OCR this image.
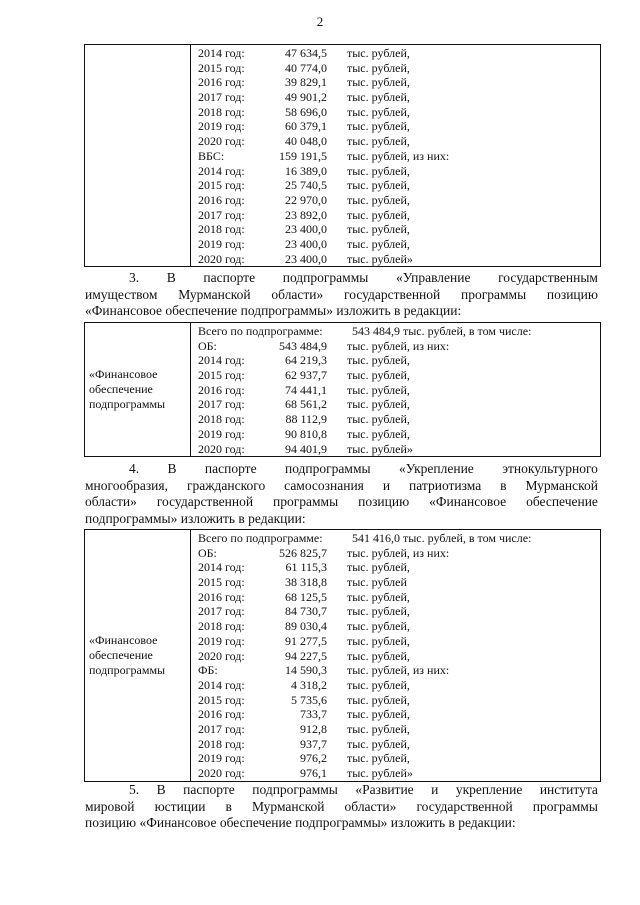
2

2014 год:	47 634,5	тыс. рублей,
2015 год:	40 774,0	тыс. рублей,
2016 год:	39 829,1	тыс. рублей,
2017 год:	49 901,2	тыс. рублей,
2018 год:	58 696,0	тыс. рублей,
2019 год:	60 379,1	тыс. рублей,
2020 год:	40 048,0	тыс. рублей,
ВБС:	159 191,5	тыс. рублей, из них:
2014 год:	16 389,0	тыс. рублей,
2015 год:	25 740,5	тыс. рублей,
2016 год:	22 970,0	тыс. рублей,
2017 год:	23 892,0	тыс. рублей,
2018 год:	23 400,0	тыс. рублей,
2019 год:	23 400,0	тыс. рублей,
2020 год:	23 400,0	тыс. рублей»
3. В паспорте подпрограммы «Управление государственным
имуществом Мурманской области» государственной программы позицию
«Финансовое обеспечение подпрограммы» изложить в редакции:
«Финансовое
обеспечение
подпрограммы

Всего по подпрограмме:	543 484,9 тыс. рублей, в том числе:
ОБ:	543 484,9	тыс. рублей, из них:
2014 год:	64 219,3	тыс. рублей,
2015 год:	62 937,7	тыс. рублей,
2016 год:	74 441,1	тыс. рублей,
2017 год:	68 561,2	тыс. рублей,
2018 год:	88 112,9	тыс. рублей,
2019 год:	90 810,8	тыс. рублей,
2020 год:	94 401,9	тыс. рублей»
4. В паспорте подпрограммы «Укрепление этнокультурного
многообразия, гражданского самосознания и патриотизма в Мурманской
области» государственной программы позицию «Финансовое обеспечение
подпрограммы» изложить в редакции:
«Финансовое
обеспечение
подпрограммы

Всего по подпрограмме:	541 416,0 тыс. рублей, в том числе:
ОБ:	526 825,7	тыс. рублей, из них:
2014 год:	61 115,3	тыс. рублей,
2015 год:	38 318,8	тыс. рублей
2016 год:	68 125,5	тыс. рублей,
2017 год:	84 730,7	тыс. рублей,
2018 год:	89 030,4	тыс. рублей,
2019 год:	91 277,5	тыс. рублей,
2020 год:	94 227,5	тыс. рублей,
ФБ:	14 590,3	тыс. рублей, из них:
2014 год:	4 318,2	тыс. рублей,
2015 год:	5 735,6	тыс. рублей,
2016 год:	733,7	тыс. рублей,
2017 год:	912,8	тыс. рублей,
2018 год:	937,7	тыс. рублей,
2019 год:	976,2	тыс. рублей,
2020 год:	976,1	тыс. рублей»
5. В паспорте подпрограммы «Развитие и укрепление института
мировой юстиции в Мурманской области» государственной программы
позицию «Финансовое обеспечение подпрограммы» изложить в редакции:
